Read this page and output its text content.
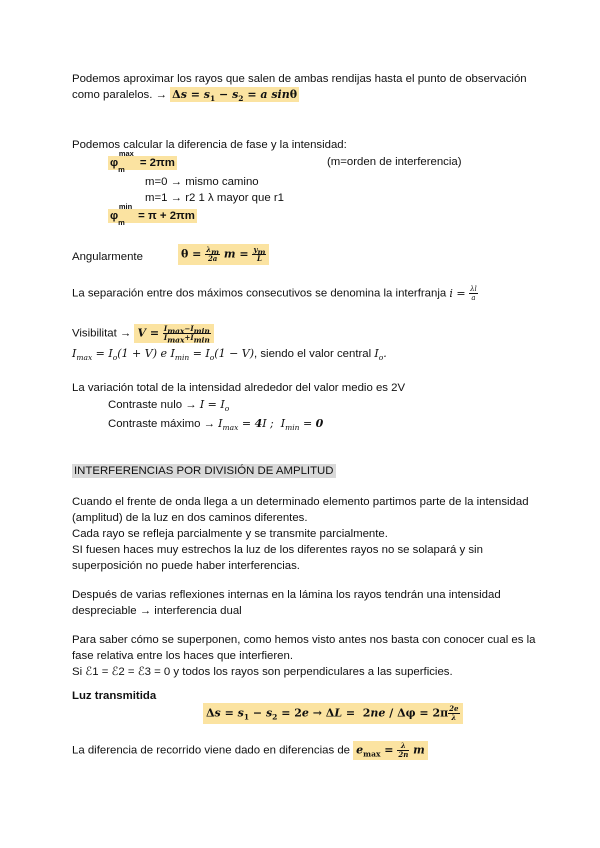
Podemos aproximar los rayos que salen de ambas rendijas hasta el punto de observación
como paralelos. → $\Delta s = s_1 - s_2 = a$ sinθ
Podemos calcular la diferencia de fase y la intensidad:
$\varphi_m^{max}= 2\pi m$	(m=orden de interferencia)
m=0 → mismo camino
m=1 → r2 1 λ mayor que r1
$\varphi_m^{min}= \pi + 2\pi m$
Angularmente	$\theta = \frac{\lambda_m}{2a}$ $m = \frac{y_m}{L}$
La separación entre dos máximos consecutivos se denomina la interfranja $i = \frac{\lambda l}{a}$
Visibilitat → $V = \frac{I_{max}-I_{min}}{I_{max}+I_{min}}$
$I_{max} = I_o(1 + V)$ e $I_{min} = I_o(1 - V)$, siendo el valor central $I_o$.
La variación total de la intensidad alrededor del valor medio es 2V
Contraste nulo → $I = I_o$
Contraste máximo → $I_{max} = 4I$ ;  $I_{min} = 0$
INTERFERENCIAS POR DIVISIÓN DE AMPLITUD
Cuando el frente de onda llega a un determinado elemento partimos parte de la intensidad
(amplitud) de la luz en dos caminos diferentes.
Cada rayo se refleja parcialmente y se transmite parcialmente.
SI fuesen haces muy estrechos la luz de los diferentes rayos no se solapará y sin
superposición no puede haber interferencias.
Después de varias reflexiones internas en la lámina los rayos tendrán una intensidad
despreciable → interferencia dual
Para saber cómo se superponen, como hemos visto antes nos basta con conocer cual es la
fase relativa entre los haces que interfieren.
Si ℰ1 = ℰ2 = ℰ3 = 0 y todos los rayos son perpendiculares a las superficies.
Luz transmitida
$\Delta s = s_1 - s_2 = 2e \to \Delta L = 2ne / \Delta\varphi = 2\pi \frac{2e}{\lambda}$
La diferencia de recorrido viene dado en diferencias de $e_{max} = \frac{\lambda}{2n}$ m
